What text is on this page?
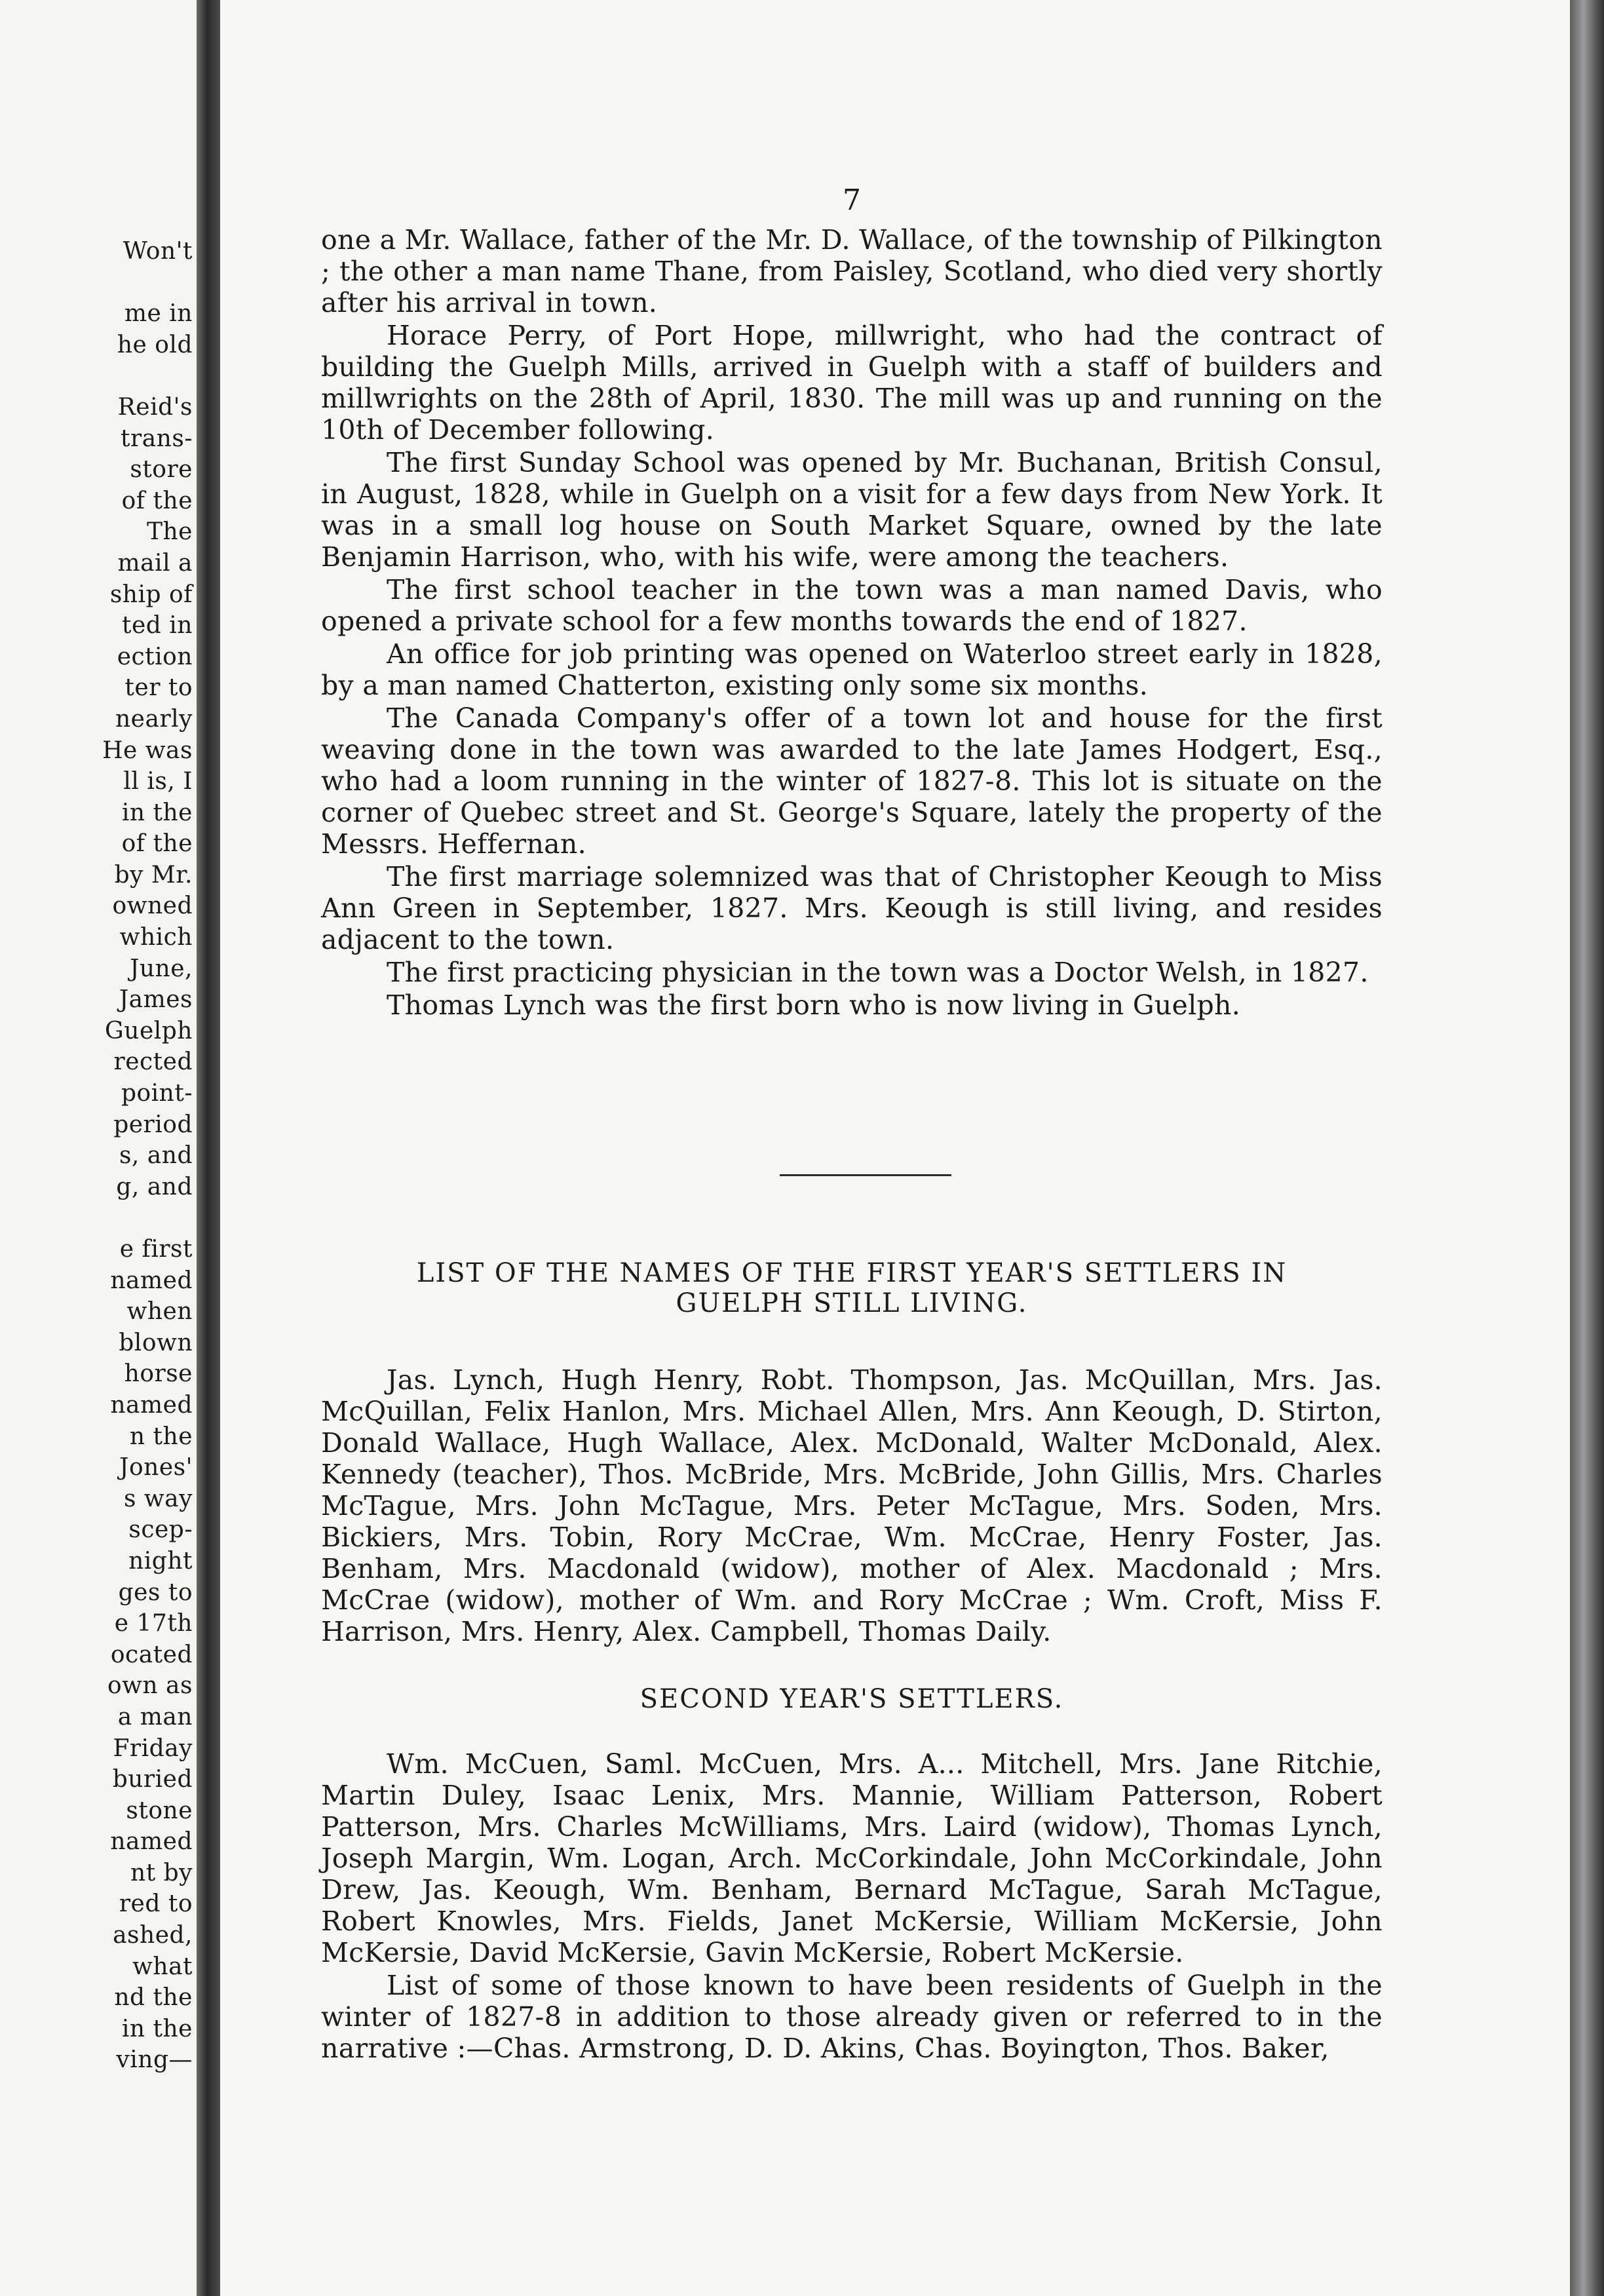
Won't
me in
he old
Reid's
trans-
store
of the
The
mail a
ship of
ted in
ection
ter to
nearly
He was
ll is, I
in the
of the
by Mr.
owned
which
June,
James
Guelph
rected
point-
period
s, and
g, and
e first
named
when
blown
horse
named
n the
Jones'
s way
scep-
night
ges to
e 17th
ocated
own as
a man
Friday
buried
stone
named
nt by
red to
ashed,
what
nd the
in the
ving—
7

one a Mr. Wallace, father of the Mr. D. Wallace, of the township of Pilkington ; the other a man name Thane, from Paisley, Scotland, who died very shortly after his arrival in town.

Horace Perry, of Port Hope, millwright, who had the contract of building the Guelph Mills, arrived in Guelph with a staff of builders and millwrights on the 28th of April, 1830. The mill was up and running on the 10th of December following.

The first Sunday School was opened by Mr. Buchanan, British Consul, in August, 1828, while in Guelph on a visit for a few days from New York. It was in a small log house on South Market Square, owned by the late Benjamin Harrison, who, with his wife, were among the teachers.

The first school teacher in the town was a man named Davis, who opened a private school for a few months towards the end of 1827.

An office for job printing was opened on Waterloo street early in 1828, by a man named Chatterton, existing only some six months.

The Canada Company's offer of a town lot and house for the first weaving done in the town was awarded to the late James Hodgert, Esq., who had a loom running in the winter of 1827-8. This lot is situate on the corner of Quebec street and St. George's Square, lately the property of the Messrs. Heffernan.

The first marriage solemnized was that of Christopher Keough to Miss Ann Green in September, 1827. Mrs. Keough is still living, and resides adjacent to the town.

The first practicing physician in the town was a Doctor Welsh, in 1827.

Thomas Lynch was the first born who is now living in Guelph.

LIST OF THE NAMES OF THE FIRST YEAR'S SETTLERS IN
GUELPH STILL LIVING.

Jas. Lynch, Hugh Henry, Robt. Thompson, Jas. McQuillan, Mrs. Jas. McQuillan, Felix Hanlon, Mrs. Michael Allen, Mrs. Ann Keough, D. Stirton, Donald Wallace, Hugh Wallace, Alex. McDonald, Walter McDonald, Alex. Kennedy (teacher), Thos. McBride, Mrs. McBride, John Gillis, Mrs. Charles McTague, Mrs. John McTague, Mrs. Peter McTague, Mrs. Soden, Mrs. Bickiers, Mrs. Tobin, Rory McCrae, Wm. McCrae, Henry Foster, Jas. Benham, Mrs. Macdonald (widow), mother of Alex. Macdonald ; Mrs. McCrae (widow), mother of Wm. and Rory McCrae ; Wm. Croft, Miss F. Harrison, Mrs. Henry, Alex. Campbell, Thomas Daily.

SECOND YEAR'S SETTLERS.

Wm. McCuen, Saml. McCuen, Mrs. A... Mitchell, Mrs. Jane Ritchie, Martin Duley, Isaac Lenix, Mrs. Mannie, William Patterson, Robert Patterson, Mrs. Charles McWilliams, Mrs. Laird (widow), Thomas Lynch, Joseph Margin, Wm. Logan, Arch. McCorkindale, John McCorkindale, John Drew, Jas. Keough, Wm. Benham, Bernard McTague, Sarah McTague, Robert Knowles, Mrs. Fields, Janet McKersie, William McKersie, John McKersie, David McKersie, Gavin McKersie, Robert McKersie.

List of some of those known to have been residents of Guelph in the winter of 1827-8 in addition to those already given or referred to in the narrative :—Chas. Armstrong, D. D. Akins, Chas. Boyington, Thos. Baker,
